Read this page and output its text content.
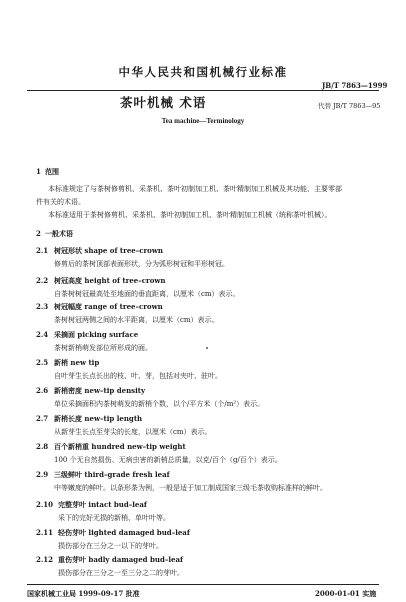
中华人民共和国机械行业标准
JB/T 7863—1999
茶叶机械 术语	代替 JB/T 7863—95
Tea machine—Terminology
1 范围
本标准规定了与茶树修剪机、采茶机、茶叶初制加工机、茶叶精制加工机械及其功能、主要零部
件有关的术语。
本标准适用于茶树修剪机、采茶机、茶叶初制加工机、茶叶精制加工机械（统称茶叶机械）。
2 一般术语
2.1 树冠形状 shape of tree–crown
修剪后的茶树顶部表面形状，分为弧形树冠和平形树冠。
2.2 树冠高度 height of tree–crown
自茶树树冠最高处至地面的垂直距离，以厘米（cm）表示。
2.3 树冠幅度 range of tree–crown
茶树树冠两侧之间的水平距离，以厘米（cm）表示。
2.4 采摘面 picking surface
茶树新梢萌发部位所形成的面。
2.5 新梢 new tip
自叶芽生长点长出的枝、叶、芽，包括对夹叶、驻叶。
2.6 新梢密度 new–tip density
单位采摘面积内茶树萌发的新梢个数，以个/平方米（个/m²）表示。
2.7 新梢长度 new–tip length
从新芽生长点至芽尖的长度，以厘米（cm）表示。
2.8 百个新梢重 hundred new–tip weight
100 个无自然损伤、无病虫害的新梢总质量，以克/百个（g/百个）表示。
2.9 三级鲜叶 third–grade fresh leaf
中等嫩度的鲜叶。以条形茶为例，一般是适于加工制成国家三级毛茶收购标准样的鲜叶。
2.10 完整芽叶 intact bud–leaf
采下的完好无损的新梢、单叶叶等。
2.11 轻伤芽叶 lighted damaged bud–leaf
损伤部分在三分之一以下的芽叶。
2.12 重伤芽叶 badly damaged bud–leaf
损伤部分在三分之一至三分之二的芽叶。
国家机械工业局 1999-09-17 批准	2000-01-01 实施
